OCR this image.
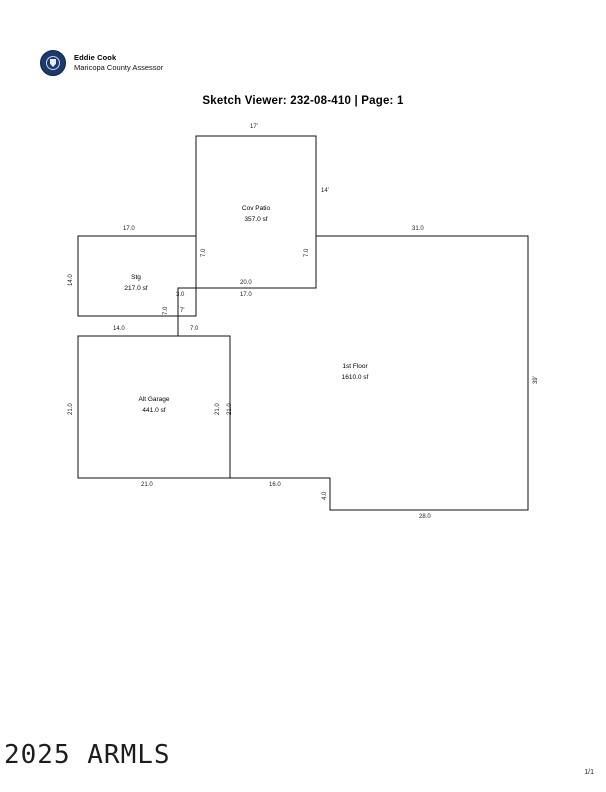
Eddie Cook
Maricopa County Assessor
Sketch Viewer: 232-08-410 | Page: 1
17'
14'
7.0	7.0
20.0
17.0
Cov Patio
357.0 sf
17.0
14.0
3.0
7.0 7'
Stg
217.0 sf
14.0	7.0
21.0	21.0 21.0
21.0
Alt Garage
441.0 sf
31.0
39'
16.0
4.0
28.0
1st Floor
1610.0 sf
2025 ARMLS
1/1
